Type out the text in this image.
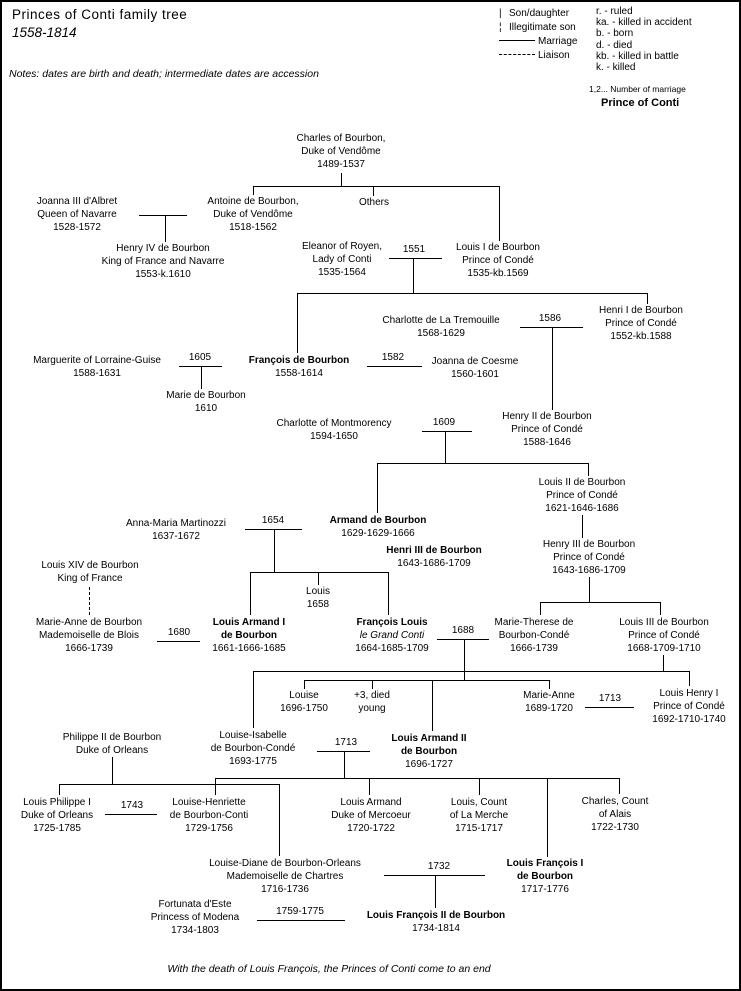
Princes of Conti family tree
1558-1814
Notes: dates are birth and death; intermediate dates are accession
| Son/daughter
¦ Illegitimate son
Marriage
Liaison
r. - ruled
ka. - killed in accident
b. - born
d. - died
kb. - killed in battle
k. - killed
1,2... Number of marriage
Prince of Conti
Charles of Bourbon,
Duke of Vendôme
1489-1537
Joanna III d'Albret
Queen of Navarre
1528-1572
Antoine de Bourbon,
Duke of Vendôme
1518-1562
Others
Henry IV de Bourbon
King of France and Navarre
1553-k.1610
Eleanor of Royen,
Lady of Conti
1535-1564
Louis I de Bourbon
Prince of Condé
1535-kb.1569
Charlotte de La Tremouille
1568-1629
Henri I de Bourbon
Prince of Condé
1552-kb.1588
Marguerite of Lorraine-Guise
1588-1631
François de Bourbon
1558-1614
Joanna de Coesme
1560-1601
Marie de Bourbon
1610
Charlotte of Montmorency
1594-1650
Henry II de Bourbon
Prince of Condé
1588-1646
Louis II de Bourbon
Prince of Condé
1621-1646-1686
Anna-Maria Martinozzi
1637-1672
Armand de Bourbon
1629-1629-1666
Henri III de Bourbon
1643-1686-1709
Henry III de Bourbon
Prince of Condé
1643-1686-1709
Louis XIV de Bourbon
King of France
Louis
1658
Marie-Anne de Bourbon
Mademoiselle de Blois
1666-1739
Louis Armand I
de Bourbon
1661-1666-1685
François Louis
le Grand Conti
1664-1685-1709
Marie-Therese de
Bourbon-Condé
1666-1739
Louis III de Bourbon
Prince of Condé
1668-1709-1710
Louise
1696-1750
+3, died
young
Marie-Anne
1689-1720
Louis Henry I
Prince of Condé
1692-1710-1740
Philippe II de Bourbon
Duke of Orleans
Louise-Isabelle
de Bourbon-Condé
1693-1775
Louis Armand II
de Bourbon
1696-1727
Louis Philippe I
Duke of Orleans
1725-1785
Louise-Henriette
de Bourbon-Conti
1729-1756
Louis Armand
Duke of Mercoeur
1720-1722
Louis, Count
of La Merche
1715-1717
Charles, Count
of Alais
1722-1730
Louise-Diane de Bourbon-Orleans
Mademoiselle de Chartres
1716-1736
Louis François I
de Bourbon
1717-1776
Fortunata d'Este
Princess of Modena
1734-1803
Louis François II de Bourbon
1734-1814
1551
1586
1605	1582
1609
1654
1680	1688
1713
1713
1743
1732
1759-1775
With the death of Louis François, the Princes of Conti come to an end
